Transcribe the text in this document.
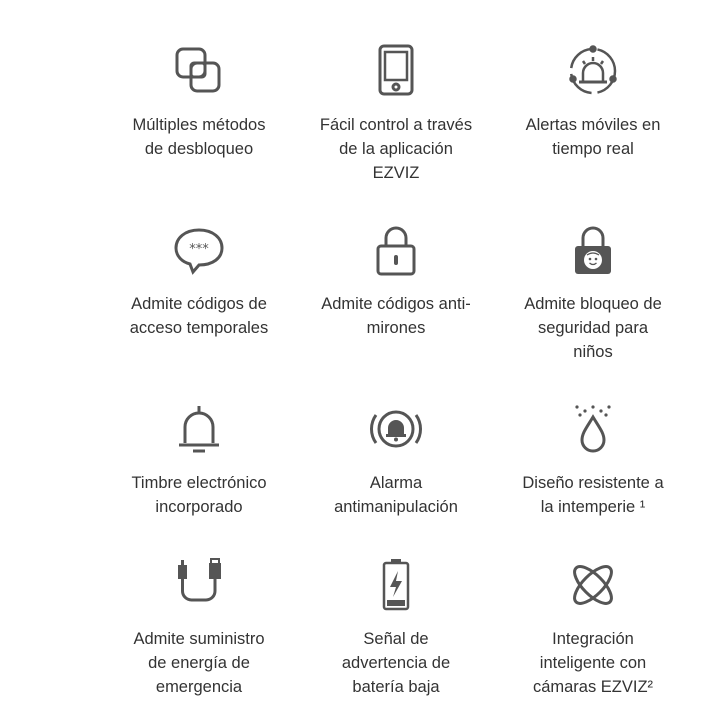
Múltiples métodos
de desbloqueo
Fácil control a través
de la aplicación
EZVIZ
Alertas móviles en
tiempo real
***
Admite códigos de
acceso temporales
Admite códigos anti-
mirones
Admite bloqueo de
seguridad para
niños
Timbre electrónico
incorporado
Alarma
antimanipulación
Diseño resistente a
la intemperie ¹
Admite suministro
de energía de
emergencia
Señal de
advertencia de
batería baja
Integración
inteligente con
cámaras EZVIZ²
